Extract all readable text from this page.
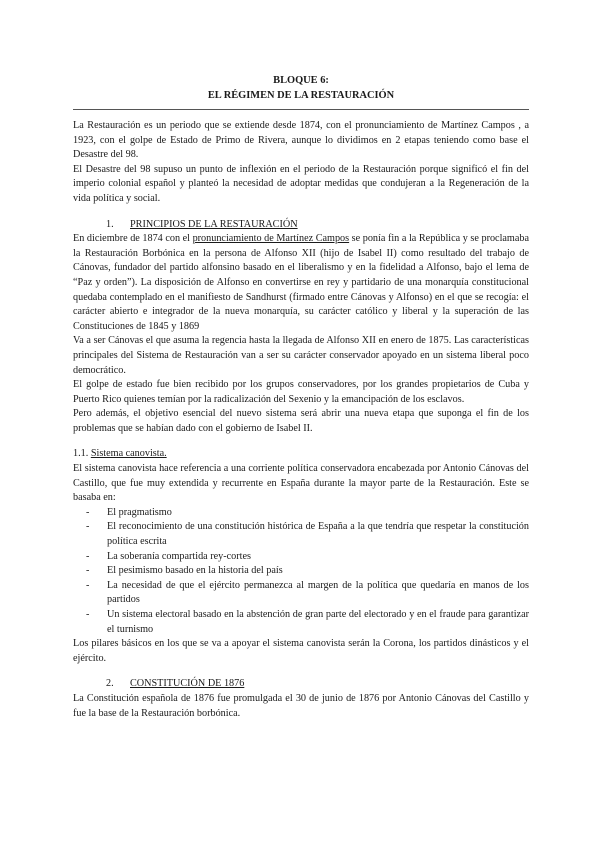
BLOQUE 6:
EL RÉGIMEN DE LA RESTAURACIÓN

La Restauración es un periodo que se extiende desde 1874, con el pronunciamiento de Martínez Campos , a 1923, con el golpe de Estado de Primo de Rivera, aunque lo dividimos en 2 etapas teniendo como base el Desastre del 98.

El Desastre del 98 supuso un punto de inflexión en el periodo de la Restauración porque significó el fin del imperio colonial español y planteó la necesidad de adoptar medidas que condujeran a la Regeneración de la vida política y social.

1. PRINCIPIOS DE LA RESTAURACIÓN

En diciembre de 1874 con el pronunciamiento de Martínez Campos se ponía fin a la República y se proclamaba la Restauración Borbónica en la persona de Alfonso XII (hijo de Isabel II) como resultado del trabajo de Cánovas, fundador del partido alfonsino basado en el liberalismo y en la fidelidad a Alfonso, bajo el lema de “Paz y orden”). La disposición de Alfonso en convertirse en rey y partidario de una monarquía constitucional quedaba contemplado en el manifiesto de Sandhurst (firmado entre Cánovas y Alfonso) en el que se recogía: el carácter abierto e integrador de la nueva monarquía, su carácter católico y liberal y la superación de las Constituciones de 1845 y 1869

Va a ser Cánovas el que asuma la regencia hasta la llegada de Alfonso XII en enero de 1875. Las características principales del Sistema de Restauración van a ser su carácter conservador apoyado en un sistema liberal poco democrático.

El golpe de estado fue bien recibido por los grupos conservadores, por los grandes propietarios de Cuba y Puerto Rico quienes temían por la radicalización del Sexenio y la emancipación de los esclavos.

Pero además, el objetivo esencial del nuevo sistema será abrir una nueva etapa que suponga el fin de los problemas que se habían dado con el gobierno de Isabel II.

1.1. Sistema canovista.

El sistema canovista hace referencia a una corriente política conservadora encabezada por Antonio Cánovas del Castillo, que fue muy extendida y recurrente en España durante la mayor parte de la Restauración. Este se basaba en:

- El pragmatismo
- El reconocimiento de una constitución histórica de España a la que tendría que respetar la constitución política escrita
- La soberanía compartida rey-cortes
- El pesimismo basado en la historia del país
- La necesidad de que el ejército permanezca al margen de la política que quedaría en manos de los partidos
- Un sistema electoral basado en la abstención de gran parte del electorado y en el fraude para garantizar el turnismo

Los pilares básicos en los que se va a apoyar el sistema canovista serán la Corona, los partidos dinásticos y el ejército.

2. CONSTITUCIÓN DE 1876

La Constitución española de 1876 fue promulgada el 30 de junio de 1876 por Antonio Cánovas del Castillo y fue la base de la Restauración borbónica.
